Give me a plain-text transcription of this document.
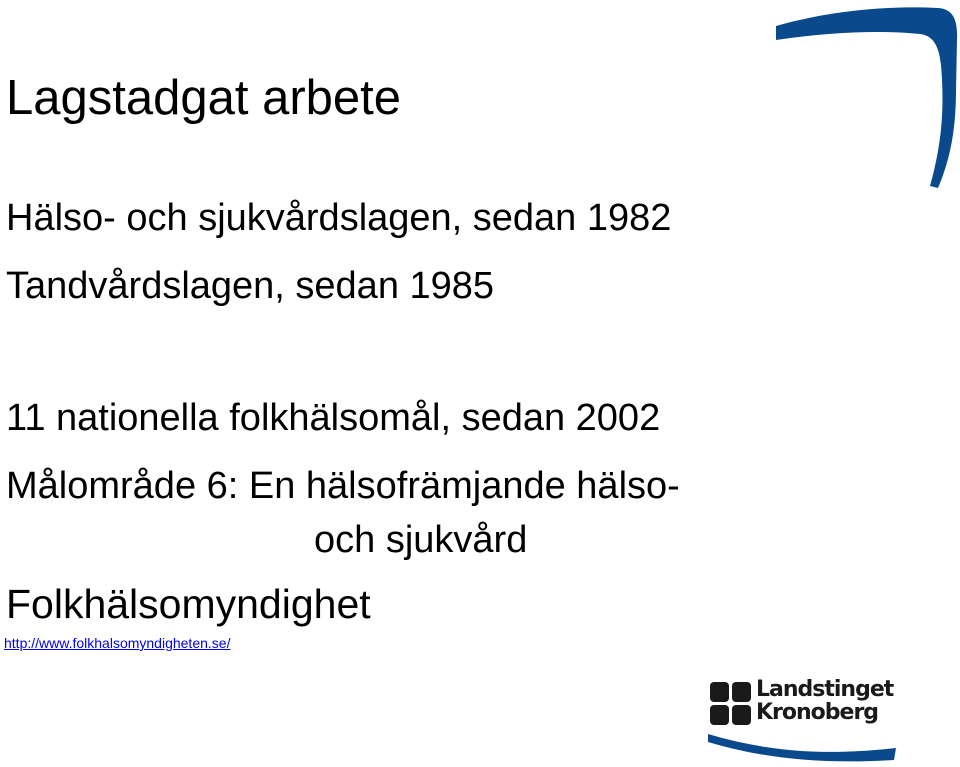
Lagstadgat arbete
Hälso- och sjukvårdslagen, sedan 1982
Tandvårdslagen, sedan 1985
11 nationella folkhälsomål, sedan 2002
Målområde 6: En hälsofrämjande hälso-
och sjukvård
Folkhälsomyndighet
http://www.folkhalsomyndigheten.se/
Landstinget
Kronoberg
